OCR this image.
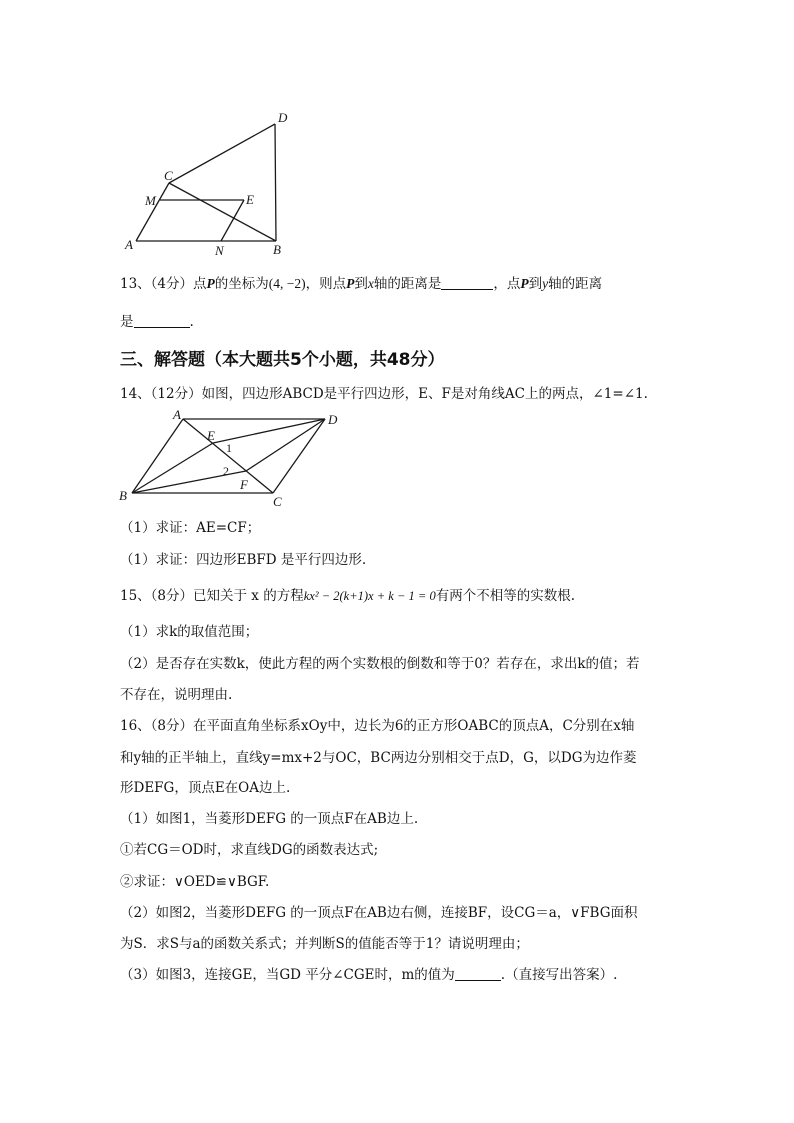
D
C
M	E
A	N	B
13、（4分）点P的坐标为(4, −2)，则点P到x轴的距离是	，点P到y轴的距离
是	.
三、解答题（本大题共5个小题，共48分）
14、（12分）如图，四边形ABCD是平行四边形，E、F是对角线AC上的两点，∠1=∠1.
A	D
E
1
2
F
B	C
（1）求证：AE=CF；
（1）求证：四边形EBFD 是平行四边形.
15、（8分）已知关于 x 的方程kx² − 2(k+1)x + k − 1 = 0有两个不相等的实数根.
（1）求k的取值范围；
（2）是否存在实数k，使此方程的两个实数根的倒数和等于0？若存在，求出k的值；若
不存在，说明理由.
16、（8分）在平面直角坐标系xOy中，边长为6的正方形OABC的顶点A，C分别在x轴
和y轴的正半轴上，直线y=mx+2与OC，BC两边分别相交于点D，G，以DG为边作菱
形DEFG，顶点E在OA边上.
（1）如图1，当菱形DEFG 的一顶点F在AB边上.
①若CG＝OD时，求直线DG的函数表达式;
②求证：∨OED≌∨BGF.
（2）如图2，当菱形DEFG 的一顶点F在AB边右侧，连接BF，设CG＝a，∨FBG面积
为S．求S与a的函数关系式；并判断S的值能否等于1？请说明理由；
（3）如图3，连接GE，当GD 平分∠CGE时，m的值为	.（直接写出答案）.
